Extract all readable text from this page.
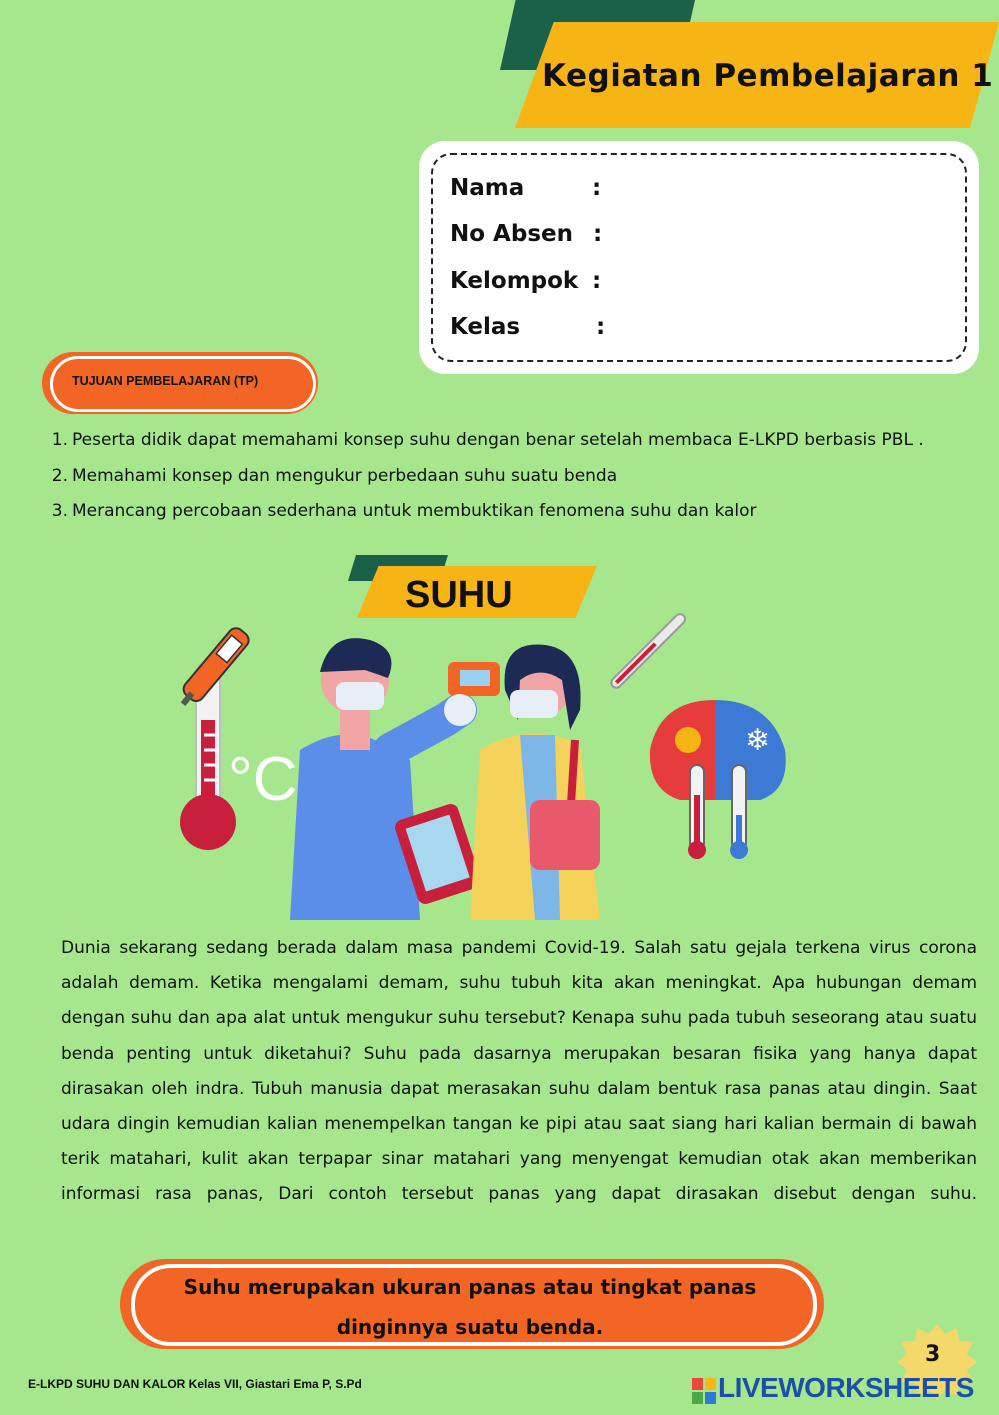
Kegiatan Pembelajaran 1
Nama	:
No Absen :
Kelompok :
Kelas	:
TUJUAN PEMBELAJARAN (TP)
1. Peserta didik dapat memahami konsep suhu dengan benar setelah membaca E-LKPD berbasis PBL .
2. Memahami konsep dan mengukur perbedaan suhu suatu benda
3. Merancang percobaan sederhana untuk membuktikan fenomena suhu dan kalor
SUHU
°C
❄
Dunia sekarang sedang berada dalam masa pandemi Covid-19. Salah satu gejala terkena virus corona adalah demam. Ketika mengalami demam, suhu tubuh kita akan meningkat. Apa hubungan demam dengan suhu dan apa alat untuk mengukur suhu tersebut? Kenapa suhu pada tubuh seseorang atau suatu benda penting untuk diketahui? Suhu pada dasarnya merupakan besaran fisika yang hanya dapat dirasakan oleh indra. Tubuh manusia dapat merasakan suhu dalam bentuk rasa panas atau dingin. Saat udara dingin kemudian kalian menempelkan tangan ke pipi atau saat siang hari kalian bermain di bawah terik matahari, kulit akan terpapar sinar matahari yang menyengat kemudian otak akan memberikan informasi rasa panas, Dari contoh tersebut panas yang dapat dirasakan disebut dengan suhu.
Suhu merupakan ukuran panas atau tingkat panas
dinginnya suatu benda.
E-LKPD SUHU DAN KALOR Kelas VII, Giastari Ema P, S.Pd
3
LIVEWORKSHEETS
